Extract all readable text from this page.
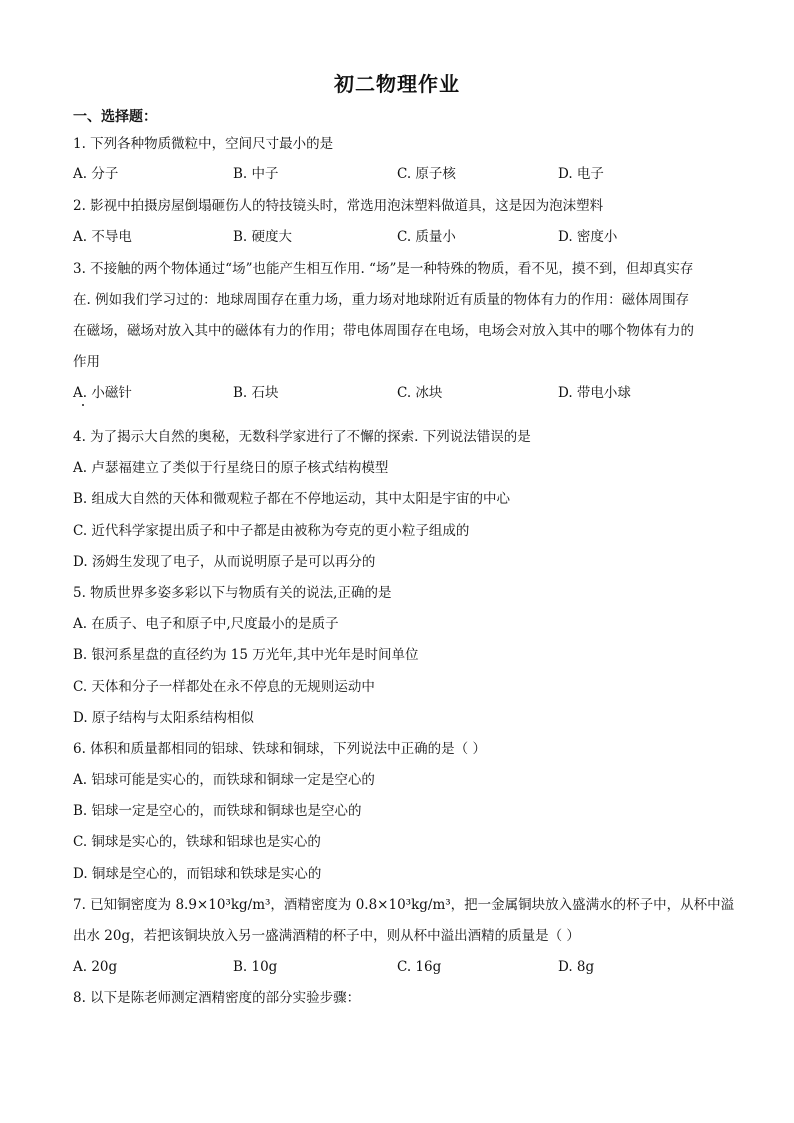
初二物理作业
一、选择题：
1. 下列各种物质微粒中，空间尺寸最小的是
A. 分子	B. 中子	C. 原子核	D. 电子
2. 影视中拍摄房屋倒塌砸伤人的特技镜头时，常选用泡沫塑料做道具，这是因为泡沫塑料
A. 不导电	B. 硬度大	C. 质量小	D. 密度小
3. 不接触的两个物体通过“场”也能产生相互作用. “场”是一种特殊的物质，看不见，摸不到，但却真实存
在. 例如我们学习过的：地球周围存在重力场，重力场对地球附近有质量的物体有力的作用：磁体周围存
在磁场，磁场对放入其中的磁体有力的作用；带电体周围存在电场，电场会对放入其中的哪个物体有力的
作用
A. 小磁针	B. 石块	C. 冰块	D. 带电小球
4. 为了揭示大自然的奥秘，无数科学家进行了不懈的探索. 下列说法错误的是
A. 卢瑟福建立了类似于行星绕日的原子核式结构模型
B. 组成大自然的天体和微观粒子都在不停地运动，其中太阳是宇宙的中心
C. 近代科学家提出质子和中子都是由被称为夸克的更小粒子组成的
D. 汤姆生发现了电子，从而说明原子是可以再分的
5. 物质世界多姿多彩以下与物质有关的说法,正确的是
A. 在质子、电子和原子中,尺度最小的是质子
B. 银河系星盘的直径约为 15 万光年,其中光年是时间单位
C. 天体和分子一样都处在永不停息的无规则运动中
D. 原子结构与太阳系结构相似
6. 体积和质量都相同的铝球、铁球和铜球，下列说法中正确的是（ ）
A. 铝球可能是实心的，而铁球和铜球一定是空心的
B. 铝球一定是空心的，而铁球和铜球也是空心的
C. 铜球是实心的，铁球和铝球也是实心的
D. 铜球是空心的，而铝球和铁球是实心的
7. 已知铜密度为 8.9×10³kg/m³，酒精密度为 0.8×10³kg/m³，把一金属铜块放入盛满水的杯子中，从杯中溢
出水 20g，若把该铜块放入另一盛满酒精的杯子中，则从杯中溢出酒精的质量是（ ）
A. 20g	B. 10g	C. 16g	D. 8g
8. 以下是陈老师测定酒精密度的部分实验步骤：
